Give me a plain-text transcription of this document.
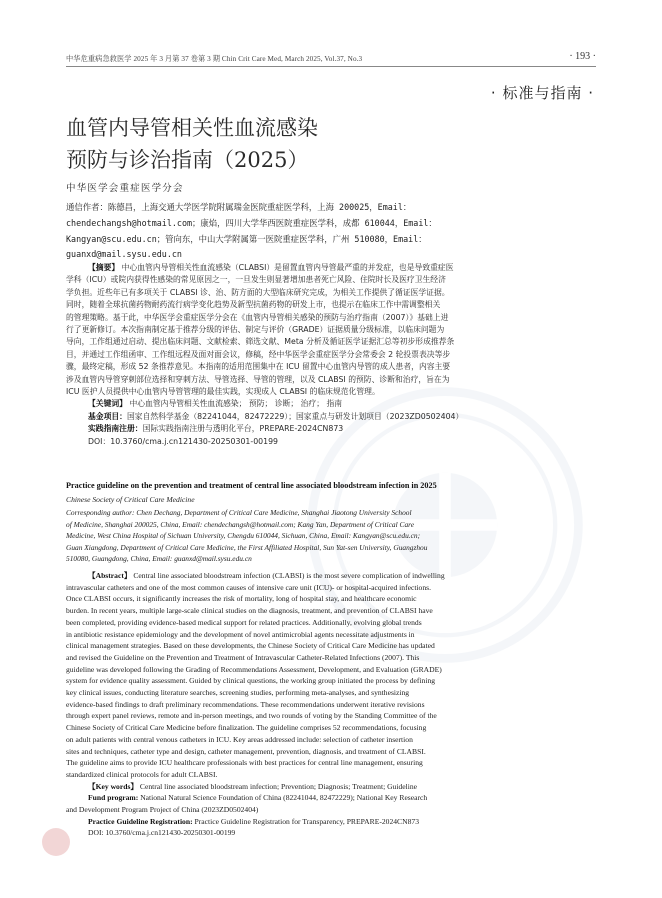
中华危重病急救医学 2025 年 3 月第 37 卷第 3 期 Chin Crit Care Med, March 2025, Vol.37, No.3	· 193 ·
· 标准与指南 ·
血管内导管相关性血流感染
预防与诊治指南（2025）
中华医学会重症医学分会
通信作者：陈德昌，上海交通大学医学院附属瑞金医院重症医学科，上海 200025，Email：
chendechangsh@hotmail.com；康焰，四川大学华西医院重症医学科，成都 610044，Email：
Kangyan@scu.edu.cn；管向东，中山大学附属第一医院重症医学科，广州 510080，Email：
guanxd@mail.sysu.edu.cn
【摘要】 中心血管内导管相关性血流感染（CLABSI）是留置血管内导管最严重的并发症，也是导致重症医
学科（ICU）或院内获得性感染的常见原因之一，一旦发生则显著增加患者死亡风险、住院时长及医疗卫生经济
学负担。近些年已有多项关于 CLABSI 诊、治、防方面的大型临床研究完成，为相关工作提供了循证医学证据。
同时，随着全球抗菌药物耐药流行病学变化趋势及新型抗菌药物的研发上市，也提示在临床工作中需调整相关
的管理策略。基于此，中华医学会重症医学分会在《血管内导管相关感染的预防与治疗指南（2007）》基础上进
行了更新修订。本次指南制定基于推荐分级的评估、制定与评价（GRADE）证据质量分级标准，以临床问题为
导向，工作组通过启动、提出临床问题、文献检索、筛选文献、Meta 分析及循证医学证据汇总等初步形成推荐条
目，并通过工作组函审、工作组远程及面对面会议，修稿，经中华医学会重症医学分会常委会 2 轮投票表决等步
骤，最终定稿，形成 52 条推荐意见。本指南的适用范围集中在 ICU 留置中心血管内导管的成人患者，内容主要
涉及血管内导管穿刺部位选择和穿刺方法、导管选择、导管的管理，以及 CLABSI 的预防、诊断和治疗，旨在为
ICU 医护人员提供中心血管内导管管理的最佳实践，实现成人 CLABSI 的临床规范化管理。
【关键词】 中心血管内导管相关性血流感染； 预防； 诊断； 治疗； 指南
基金项目：国家自然科学基金（82241044，82472229）；国家重点与研发计划项目（2023ZD0502404）
实践指南注册：国际实践指南注册与透明化平台，PREPARE-2024CN873
DOI：10.3760/cma.j.cn121430-20250301-00199
Practice guideline on the prevention and treatment of central line associated bloodstream infection in 2025
Chinese Society of Critical Care Medicine
Corresponding author: Chen Dechang, Department of Critical Care Medicine, Shanghai Jiaotong University School
of Medicine, Shanghai 200025, China, Email: chendechangsh@hotmail.com; Kang Yan, Department of Critical Care
Medicine, West China Hospital of Sichuan University, Chengdu 610044, Sichuan, China, Email: Kangyan@scu.edu.cn;
Guan Xiangdong, Department of Critical Care Medicine, the First Affiliated Hospital, Sun Yat-sen University, Guangzhou
510080, Guangdong, China, Email: guanxd@mail.sysu.edu.cn
【Abstract】 Central line associated bloodstream infection (CLABSI) is the most severe complication of indwelling
intravascular catheters and one of the most common causes of intensive care unit (ICU)- or hospital-acquired infections.
Once CLABSI occurs, it significantly increases the risk of mortality, long of hospital stay, and healthcare economic
burden. In recent years, multiple large-scale clinical studies on the diagnosis, treatment, and prevention of CLABSI have
been completed, providing evidence-based medical support for related practices. Additionally, evolving global trends
in antibiotic resistance epidemiology and the development of novel antimicrobial agents necessitate adjustments in
clinical management strategies. Based on these developments, the Chinese Society of Critical Care Medicine has updated
and revised the Guideline on the Prevention and Treatment of Intravascular Catheter-Related Infections (2007). This
guideline was developed following the Grading of Recommendations Assessment, Development, and Evaluation (GRADE)
system for evidence quality assessment. Guided by clinical questions, the working group initiated the process by defining
key clinical issues, conducting literature searches, screening studies, performing meta-analyses, and synthesizing
evidence-based findings to draft preliminary recommendations. These recommendations underwent iterative revisions
through expert panel reviews, remote and in-person meetings, and two rounds of voting by the Standing Committee of the
Chinese Society of Critical Care Medicine before finalization. The guideline comprises 52 recommendations, focusing
on adult patients with central venous catheters in ICU. Key areas addressed include: selection of catheter insertion
sites and techniques, catheter type and design, catheter management, prevention, diagnosis, and treatment of CLABSI.
The guideline aims to provide ICU healthcare professionals with best practices for central line management, ensuring
standardized clinical protocols for adult CLABSI.
【Key words】 Central line associated bloodstream infection; Prevention; Diagnosis; Treatment; Guideline
Fund program: National Natural Science Foundation of China (82241044, 82472229); National Key Research
and Development Program Project of China (2023ZD0502404)
Practice Guideline Registration: Practice Guideline Registration for Transparency, PREPARE-2024CN873
DOI: 10.3760/cma.j.cn121430-20250301-00199
